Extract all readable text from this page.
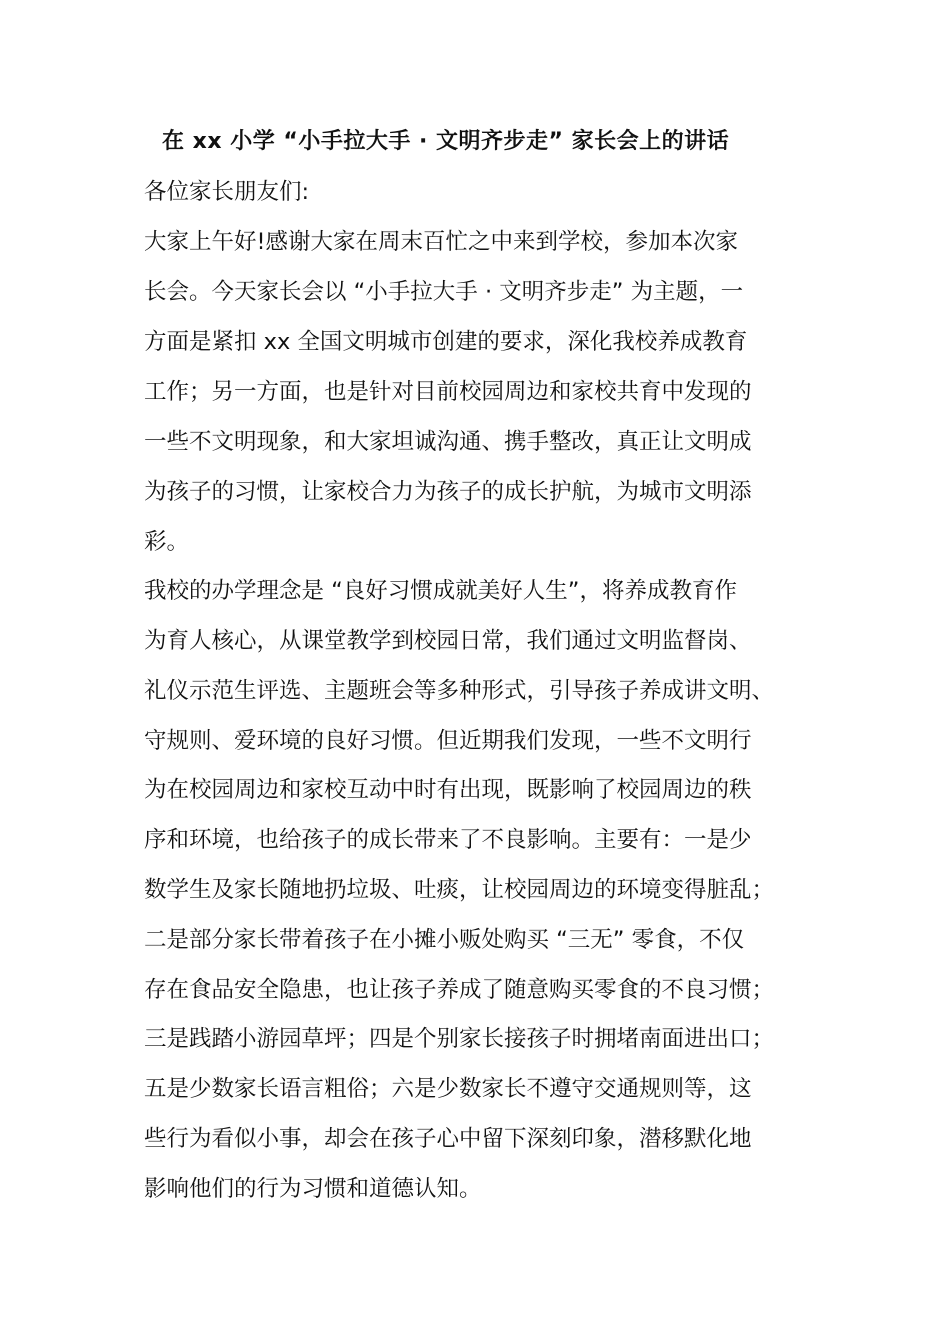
在 xx 小学 “小手拉大手 · 文明齐步走” 家长会上的讲话
各位家长朋友们:
大家上午好!感谢大家在周末百忙之中来到学校，参加本次家
长会。今天家长会以 “小手拉大手 · 文明齐步走” 为主题，一
方面是紧扣 xx 全国文明城市创建的要求，深化我校养成教育
工作；另一方面，也是针对目前校园周边和家校共育中发现的
一些不文明现象，和大家坦诚沟通、携手整改，真正让文明成
为孩子的习惯，让家校合力为孩子的成长护航，为城市文明添
彩。
我校的办学理念是 “良好习惯成就美好人生”，将养成教育作
为育人核心，从课堂教学到校园日常，我们通过文明监督岗、
礼仪示范生评选、主题班会等多种形式，引导孩子养成讲文明、
守规则、爱环境的良好习惯。但近期我们发现，一些不文明行
为在校园周边和家校互动中时有出现，既影响了校园周边的秩
序和环境，也给孩子的成长带来了不良影响。主要有：一是少
数学生及家长随地扔垃圾、吐痰，让校园周边的环境变得脏乱；
二是部分家长带着孩子在小摊小贩处购买 “三无” 零食，不仅
存在食品安全隐患，也让孩子养成了随意购买零食的不良习惯；
三是践踏小游园草坪；四是个别家长接孩子时拥堵南面进出口；
五是少数家长语言粗俗；六是少数家长不遵守交通规则等，这
些行为看似小事，却会在孩子心中留下深刻印象，潜移默化地
影响他们的行为习惯和道德认知。
